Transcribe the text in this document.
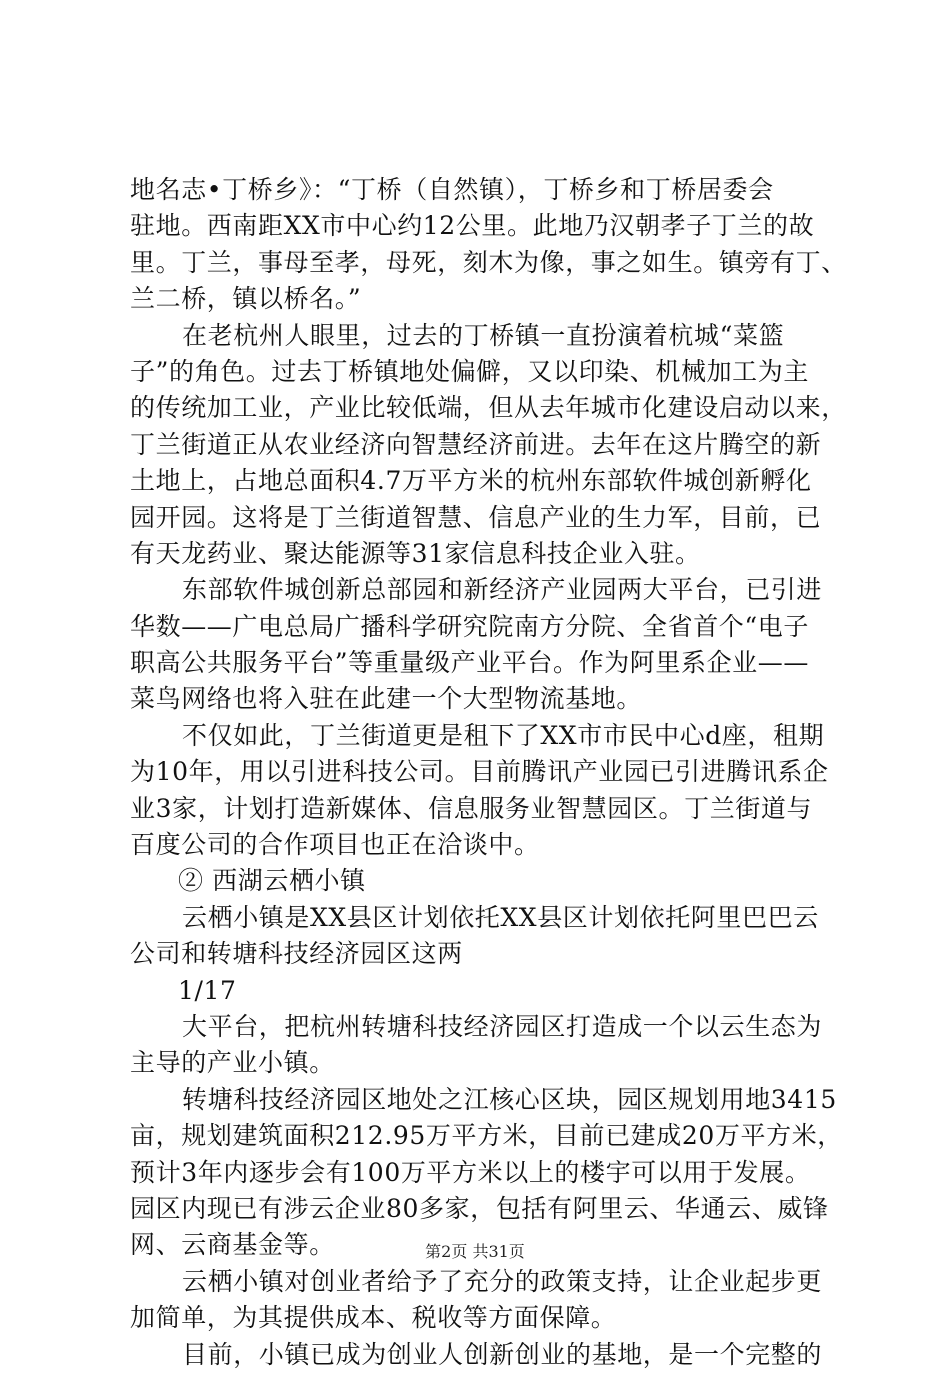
地名志•丁桥乡》：“丁桥（自然镇），丁桥乡和丁桥居委会
驻地。西南距XX市中心约12公里。此地乃汉朝孝子丁兰的故
里。丁兰，事母至孝，母死，刻木为像，事之如生。镇旁有丁、
兰二桥，镇以桥名。”
在老杭州人眼里，过去的丁桥镇一直扮演着杭城“菜篮
子”的角色。过去丁桥镇地处偏僻，又以印染、机械加工为主
的传统加工业，产业比较低端，但从去年城市化建设启动以来，
丁兰街道正从农业经济向智慧经济前进。去年在这片腾空的新
土地上，占地总面积4.7万平方米的杭州东部软件城创新孵化
园开园。这将是丁兰街道智慧、信息产业的生力军，目前，已
有天龙药业、聚达能源等31家信息科技企业入驻。
东部软件城创新总部园和新经济产业园两大平台，已引进
华数——广电总局广播科学研究院南方分院、全省首个“电子
职高公共服务平台”等重量级产业平台。作为阿里系企业——
菜鸟网络也将入驻在此建一个大型物流基地。
不仅如此，丁兰街道更是租下了XX市市民中心d座，租期
为10年，用以引进科技公司。目前腾讯产业园已引进腾讯系企
业3家，计划打造新媒体、信息服务业智慧园区。丁兰街道与
百度公司的合作项目也正在洽谈中。
② 西湖云栖小镇
云栖小镇是XX县区计划依托XX县区计划依托阿里巴巴云
公司和转塘科技经济园区这两
1/17
大平台，把杭州转塘科技经济园区打造成一个以云生态为
主导的产业小镇。
转塘科技经济园区地处之江核心区块，园区规划用地3415
亩，规划建筑面积212.95万平方米，目前已建成20万平方米，
预计3年内逐步会有100万平方米以上的楼宇可以用于发展。
园区内现已有涉云企业80多家，包括有阿里云、华通云、威锋
网、云商基金等。
云栖小镇对创业者给予了充分的政策支持，让企业起步更
加简单，为其提供成本、税收等方面保障。
目前，小镇已成为创业人创新创业的基地，是一个完整的
第2页 共31页
